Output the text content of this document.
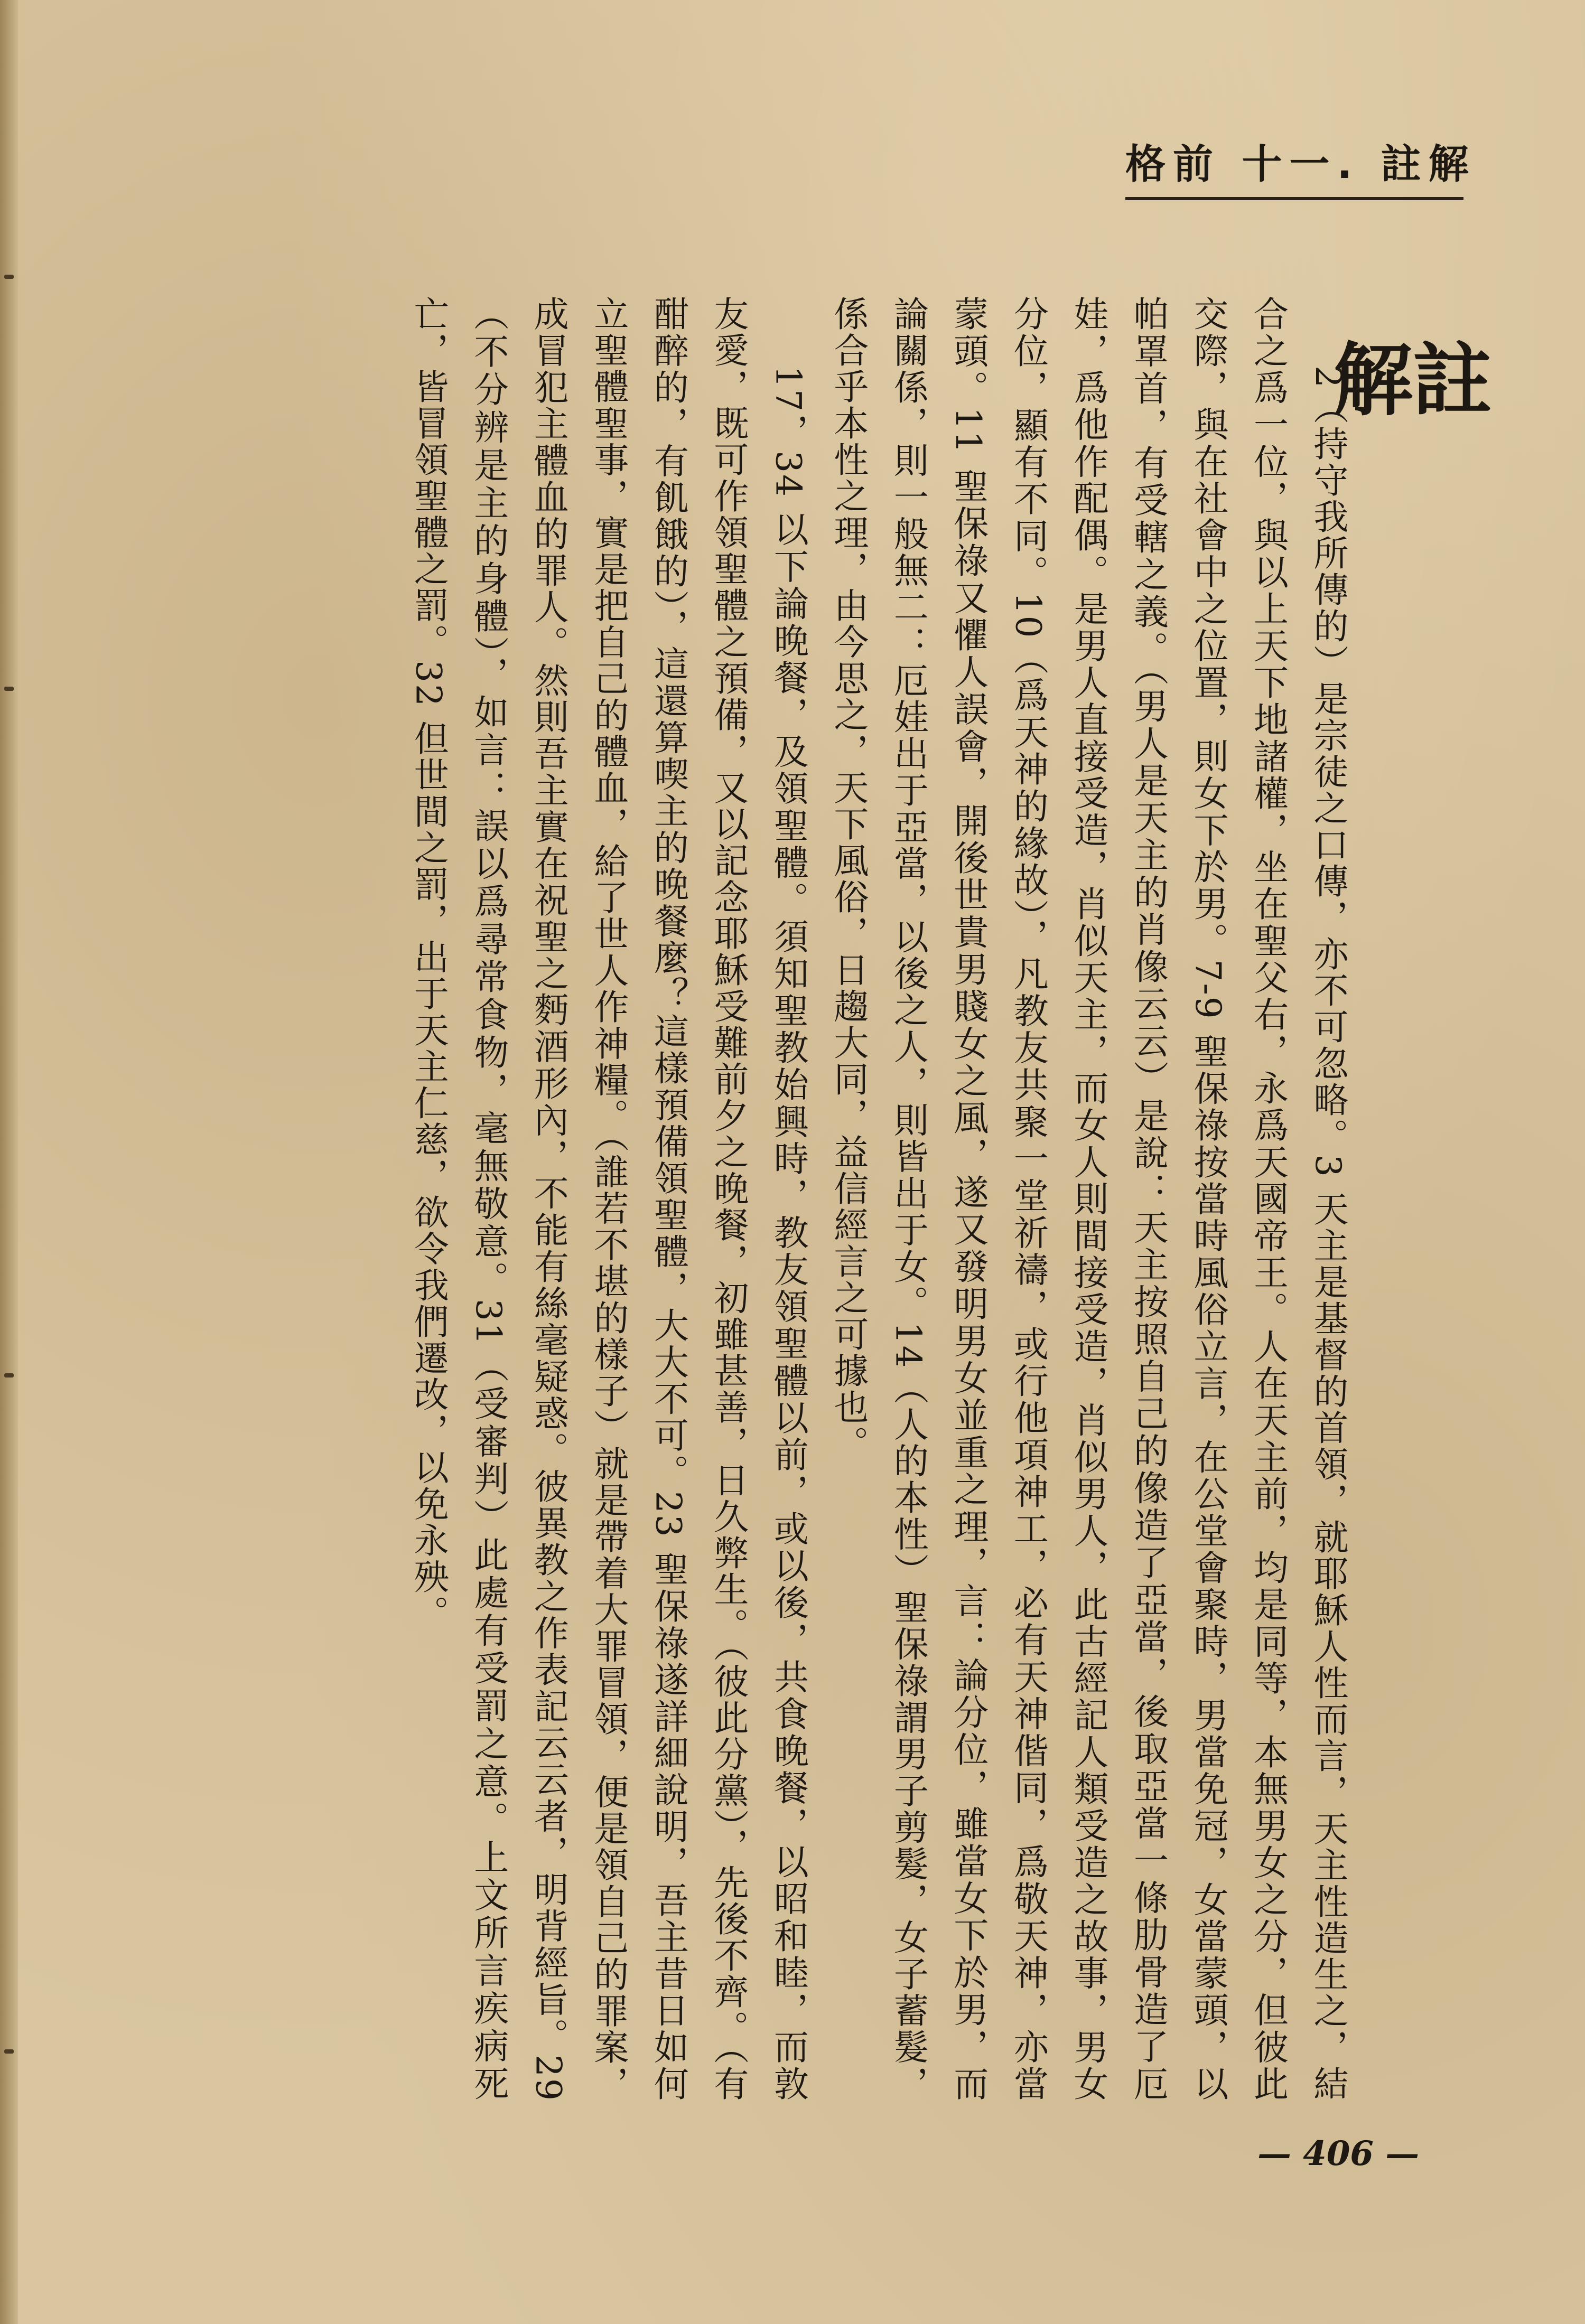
格前 十一. 註解
註解

2（持守我所傳的）是宗徒之口傳，亦不可忽略。3 天主是基督的首領，就耶穌人性而言，天主性造生之，結合之爲一位，與以上天下地諸權，坐在聖父右，永爲天國帝王。人在天主前，均是同等，本無男女之分，但彼此交際，與在社會中之位置，則女下於男。7-9 聖保祿按當時風俗立言，在公堂會聚時，男當免冠，女當蒙頭，以帕罩首，有受轄之義。（男人是天主的肖像云云）是說：天主按照自己的像造了亞當，後取亞當一條肋骨造了厄娃，爲他作配偶。是男人直接受造，肖似天主，而女人則間接受造，肖似男人，此古經記人類受造之故事，男女分位，顯有不同。10（爲天神的緣故），凡教友共聚一堂祈禱，或行他項神工，必有天神偕同，爲敬天神，亦當蒙頭。11 聖保祿又懼人誤會，開後世貴男賤女之風，遂又發明男女並重之理，言：論分位，雖當女下於男，而論關係，則一般無二：厄娃出于亞當，以後之人，則皆出于女。14（人的本性）聖保祿謂男子剪髮，女子蓄髮，係合乎本性之理，由今思之，天下風俗，日趨大同，益信經言之可據也。

17，34 以下論晚餐，及領聖體。須知聖教始興時，教友領聖體以前，或以後，共食晚餐，以昭和睦，而敦友愛，既可作領聖體之預備，又以記念耶穌受難前夕之晚餐，初雖甚善，日久弊生。（彼此分黨），先後不齊。（有酣醉的，有飢餓的），這還算喫主的晚餐麼？這樣預備領聖體，大大不可。23 聖保祿遂詳細說明，吾主昔日如何立聖體聖事，實是把自己的體血，給了世人作神糧。（誰若不堪的樣子）就是帶着大罪冒領，便是領自己的罪案，成冒犯主體血的罪人。然則吾主實在祝聖之麪酒形內，不能有絲毫疑惑。彼異教之作表記云云者，明背經旨。29（不分辨是主的身體），如言：誤以爲尋常食物，毫無敬意。31（受審判）此處有受罰之意。上文所言疾病死亡，皆冒領聖體之罰。32 但世間之罰，出于天主仁慈，欲令我們遷改，以免永殃。

— 406 —
